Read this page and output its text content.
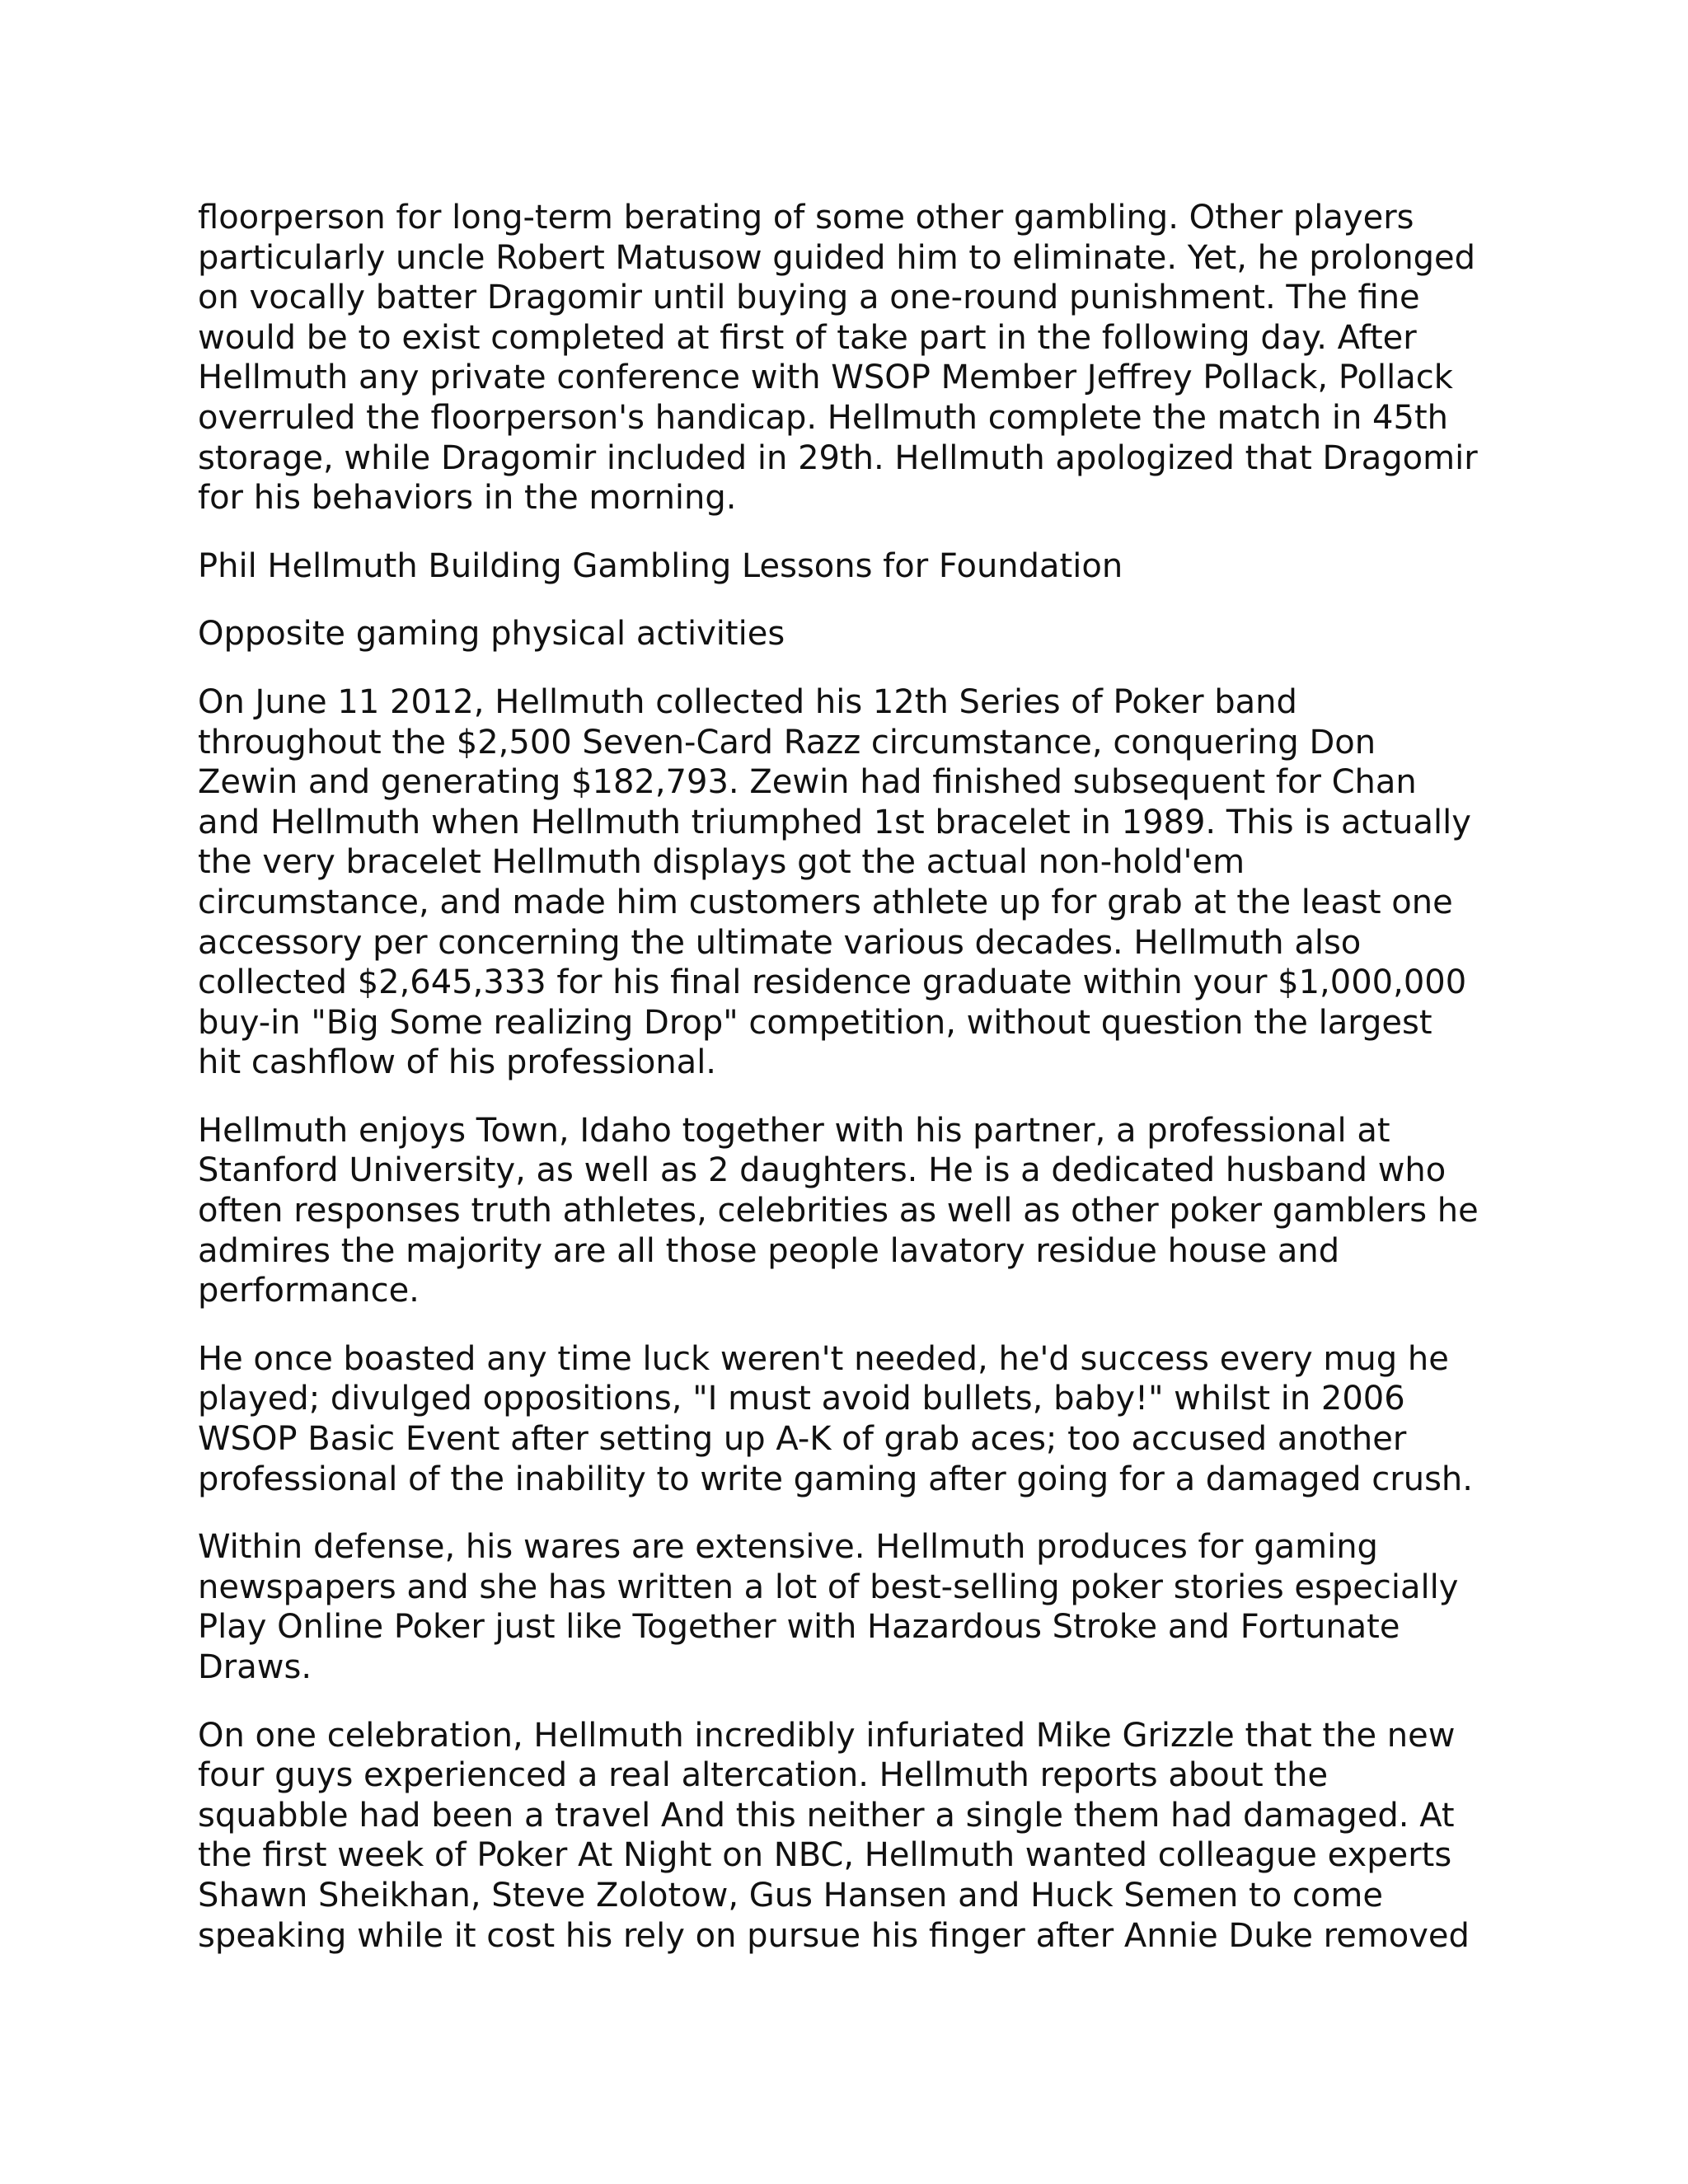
floorperson for long-term berating of some other gambling. Other players
particularly uncle Robert Matusow guided him to eliminate. Yet, he prolonged
on vocally batter Dragomir until buying a one-round punishment. The fine
would be to exist completed at first of take part in the following day. After
Hellmuth any private conference with WSOP Member Jeffrey Pollack, Pollack
overruled the floorperson's handicap. Hellmuth complete the match in 45th
storage, while Dragomir included in 29th. Hellmuth apologized that Dragomir
for his behaviors in the morning.

Phil Hellmuth Building Gambling Lessons for Foundation

Opposite gaming physical activities

On June 11 2012, Hellmuth collected his 12th Series of Poker band
throughout the $2,500 Seven-Card Razz circumstance, conquering Don
Zewin and generating $182,793. Zewin had finished subsequent for Chan
and Hellmuth when Hellmuth triumphed 1st bracelet in 1989. This is actually
the very bracelet Hellmuth displays got the actual non-hold'em
circumstance, and made him customers athlete up for grab at the least one
accessory per concerning the ultimate various decades. Hellmuth also
collected $2,645,333 for his final residence graduate within your $1,000,000
buy-in "Big Some realizing Drop" competition, without question the largest
hit cashflow of his professional.

Hellmuth enjoys Town, Idaho together with his partner, a professional at
Stanford University, as well as 2 daughters. He is a dedicated husband who
often responses truth athletes, celebrities as well as other poker gamblers he
admires the majority are all those people lavatory residue house and
performance.

He once boasted any time luck weren't needed, he'd success every mug he
played; divulged oppositions, "I must avoid bullets, baby!" whilst in 2006
WSOP Basic Event after setting up A-K of grab aces; too accused another
professional of the inability to write gaming after going for a damaged crush.

Within defense, his wares are extensive. Hellmuth produces for gaming
newspapers and she has written a lot of best-selling poker stories especially
Play Online Poker just like Together with Hazardous Stroke and Fortunate
Draws.

On one celebration, Hellmuth incredibly infuriated Mike Grizzle that the new
four guys experienced a real altercation. Hellmuth reports about the
squabble had been a travel And this neither a single them had damaged. At
the first week of Poker At Night on NBC, Hellmuth wanted colleague experts
Shawn Sheikhan, Steve Zolotow, Gus Hansen and Huck Semen to come
speaking while it cost his rely on pursue his finger after Annie Duke removed
